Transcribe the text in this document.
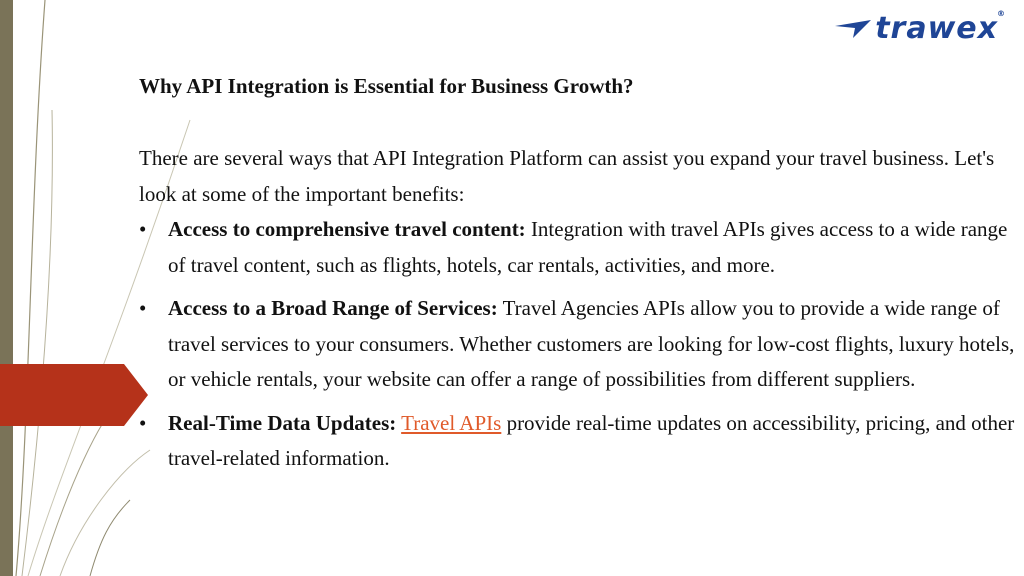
trawex ®
Why API Integration is Essential for Business Growth?

There are several ways that API Integration Platform can assist you expand your travel business. Let's look at some of the important benefits:

• Access to comprehensive travel content: Integration with travel APIs gives access to a wide range of travel content, such as flights, hotels, car rentals, activities, and more.
• Access to a Broad Range of Services: Travel Agencies APIs allow you to provide a wide range of travel services to your consumers. Whether customers are looking for low-cost flights, luxury hotels, or vehicle rentals, your website can offer a range of possibilities from different suppliers.
• Real-Time Data Updates: Travel APIs provide real-time updates on accessibility, pricing, and other travel-related information.
